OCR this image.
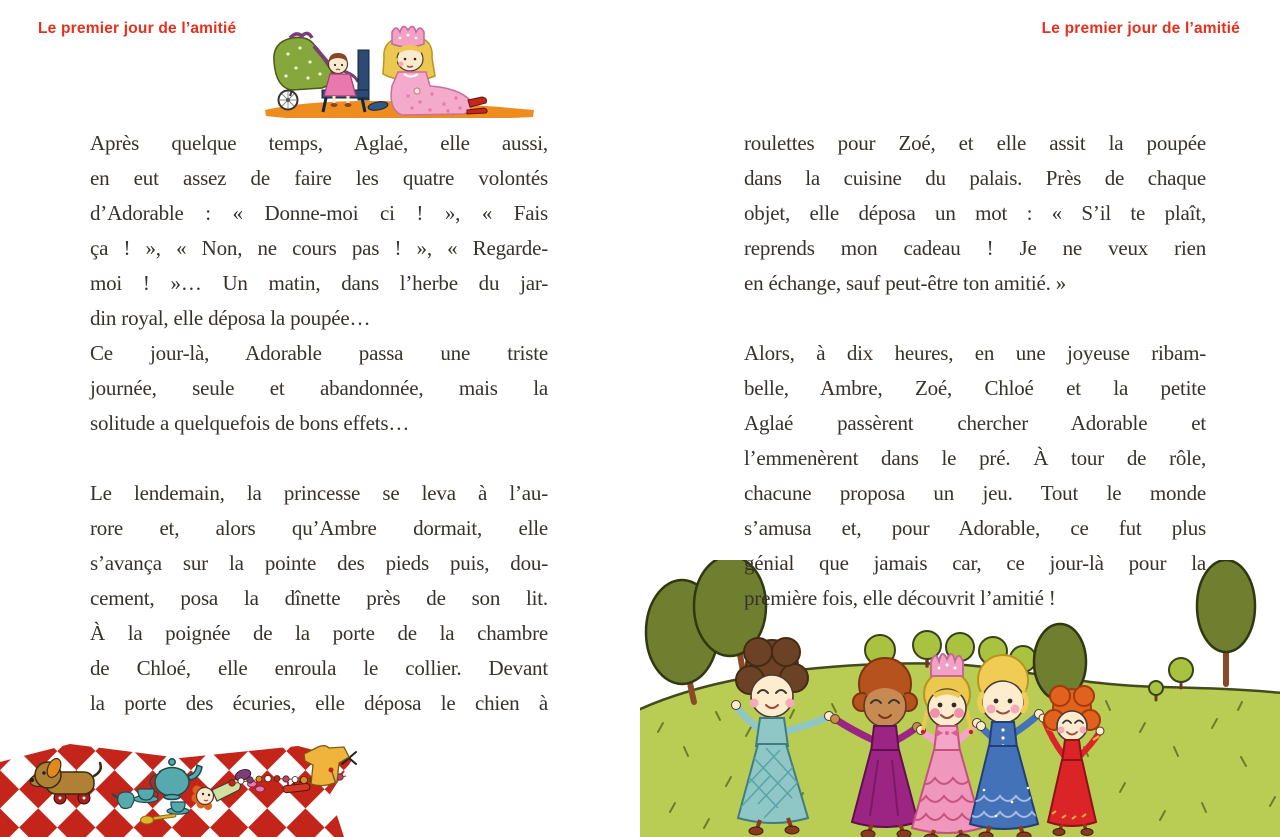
Le premier jour de l’amitié	Le premier jour de l’amitié
Après quelque temps, Aglaé, elle aussi,
en eut assez de faire les quatre volontés
d’Adorable : « Donne-moi ci ! », « Fais
ça ! », « Non, ne cours pas ! », « Regarde-
moi ! »… Un matin, dans l’herbe du jar-
din royal, elle déposa la poupée…
Ce jour-là, Adorable passa une triste
journée, seule et abandonnée, mais la
solitude a quelquefois de bons effets…
Le lendemain, la princesse se leva à l’au-
rore et, alors qu’Ambre dormait, elle
s’avança sur la pointe des pieds puis, dou-
cement, posa la dînette près de son lit.
À la poignée de la porte de la chambre
de Chloé, elle enroula le collier. Devant
la porte des écuries, elle déposa le chien à
roulettes pour Zoé, et elle assit la poupée
dans la cuisine du palais. Près de chaque
objet, elle déposa un mot : « S’il te plaît,
reprends mon cadeau ! Je ne veux rien
en échange, sauf peut-être ton amitié. »
Alors, à dix heures, en une joyeuse ribam-
belle, Ambre, Zoé, Chloé et la petite
Aglaé passèrent chercher Adorable et
l’emmenèrent dans le pré. À tour de rôle,
chacune proposa un jeu. Tout le monde
s’amusa et, pour Adorable, ce fut plus
génial que jamais car, ce jour-là pour la
première fois, elle découvrit l’amitié !
